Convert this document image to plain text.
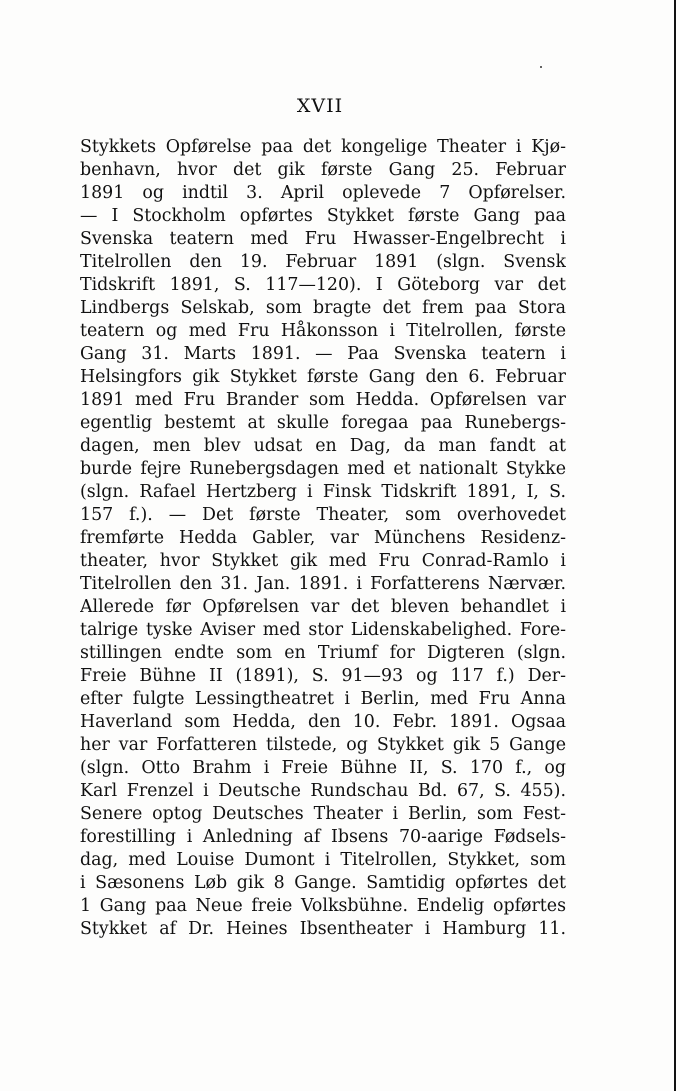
XVII
Stykkets Opførelse paa det kongelige Theater i Kjø-
benhavn, hvor det gik første Gang 25. Februar
1891 og indtil 3. April oplevede 7 Opførelser.
— I Stockholm opførtes Stykket første Gang paa
Svenska teatern med Fru Hwasser-Engelbrecht i
Titelrollen den 19. Februar 1891 (slgn. Svensk
Tidskrift 1891, S. 117—120). I Göteborg var det
Lindbergs Selskab, som bragte det frem paa Stora
teatern og med Fru Håkonsson i Titelrollen, første
Gang 31. Marts 1891. — Paa Svenska teatern i
Helsingfors gik Stykket første Gang den 6. Februar
1891 med Fru Brander som Hedda. Opførelsen var
egentlig bestemt at skulle foregaa paa Runebergs-
dagen, men blev udsat en Dag, da man fandt at
burde fejre Runebergsdagen med et nationalt Stykke
(slgn. Rafael Hertzberg i Finsk Tidskrift 1891, I, S.
157 f.). — Det første Theater, som overhovedet
fremførte Hedda Gabler, var Münchens Residenz-
theater, hvor Stykket gik med Fru Conrad-Ramlo i
Titelrollen den 31. Jan. 1891. i Forfatterens Nærvær.
Allerede før Opførelsen var det bleven behandlet i
talrige tyske Aviser med stor Lidenskabelighed. Fore-
stillingen endte som en Triumf for Digteren (slgn.
Freie Bühne II (1891), S. 91—93 og 117 f.) Der-
efter fulgte Lessingtheatret i Berlin, med Fru Anna
Haverland som Hedda, den 10. Febr. 1891. Ogsaa
her var Forfatteren tilstede, og Stykket gik 5 Gange
(slgn. Otto Brahm i Freie Bühne II, S. 170 f., og
Karl Frenzel i Deutsche Rundschau Bd. 67, S. 455).
Senere optog Deutsches Theater i Berlin, som Fest-
forestilling i Anledning af Ibsens 70-aarige Fødsels-
dag, med Louise Dumont i Titelrollen, Stykket, som
i Sæsonens Løb gik 8 Gange. Samtidig opførtes det
1 Gang paa Neue freie Volksbühne. Endelig opførtes
Stykket af Dr. Heines Ibsentheater i Hamburg 11.
